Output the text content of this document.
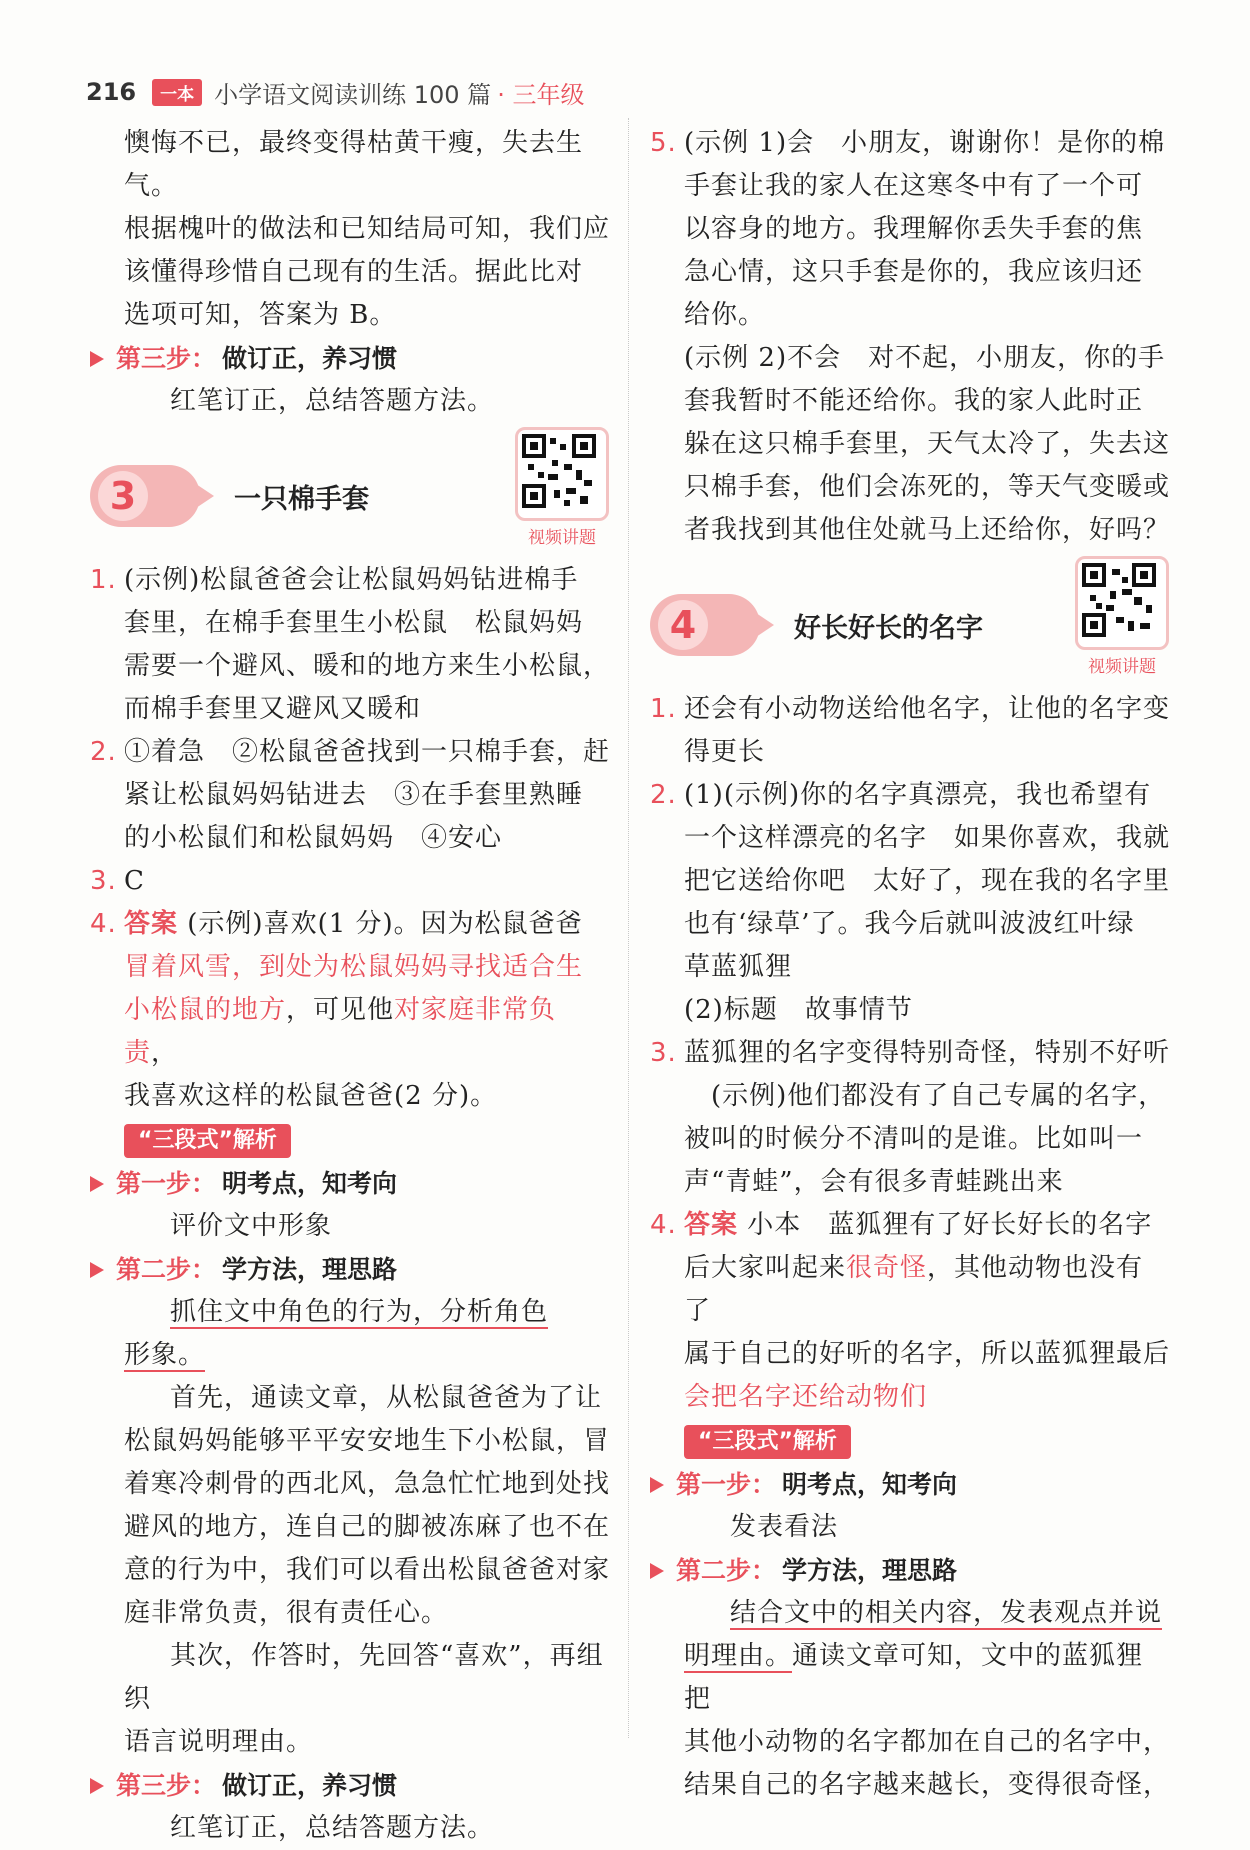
216	一本 小学语文阅读训练 100 篇 · 三年级

懊悔不已，最终变得枯黄干瘦，失去生气。

根据槐叶的做法和已知结局可知，我们应

该懂得珍惜自己现有的生活。据此比对

选项可知，答案为 B。

第三步： 做订正，养习惯

红笔订正，总结答题方法。

3	一只棉手套
视频讲题
1. (示例)松鼠爸爸会让松鼠妈妈钻进棉手

套里，在棉手套里生小松鼠　松鼠妈妈

需要一个避风、暖和的地方来生小松鼠，

而棉手套里又避风又暖和

2. ①着急　②松鼠爸爸找到一只棉手套，赶

紧让松鼠妈妈钻进去　③在手套里熟睡

的小松鼠们和松鼠妈妈　④安心

3. C

4. 答案 (示例)喜欢(1 分)。因为松鼠爸爸

冒着风雪，到处为松鼠妈妈寻找适合生

小松鼠的地方，可见他对家庭非常负责，

我喜欢这样的松鼠爸爸(2 分)。

“三段式”解析
第一步： 明考点，知考向

评价文中形象

第二步： 学方法，理思路

抓住文中角色的行为，分析角色

形象。

首先，通读文章，从松鼠爸爸为了让

松鼠妈妈能够平平安安地生下小松鼠，冒

着寒冷刺骨的西北风，急急忙忙地到处找

避风的地方，连自己的脚被冻麻了也不在

意的行为中，我们可以看出松鼠爸爸对家

庭非常负责，很有责任心。

其次，作答时，先回答“喜欢”，再组织

语言说明理由。

第三步： 做订正，养习惯

红笔订正，总结答题方法。

5. (示例 1)会　小朋友，谢谢你！是你的棉

手套让我的家人在这寒冬中有了一个可

以容身的地方。我理解你丢失手套的焦

急心情，这只手套是你的，我应该归还

给你。

(示例 2)不会　对不起，小朋友，你的手

套我暂时不能还给你。我的家人此时正

躲在这只棉手套里，天气太冷了，失去这

只棉手套，他们会冻死的，等天气变暖或

者我找到其他住处就马上还给你，好吗？

4	好长好长的名字
视频讲题
1. 还会有小动物送给他名字，让他的名字变

得更长

2. (1)(示例)你的名字真漂亮，我也希望有

一个这样漂亮的名字　如果你喜欢，我就

把它送给你吧　太好了，现在我的名字里

也有‘绿草’了。我今后就叫波波红叶绿

草蓝狐狸

(2)标题　故事情节

3. 蓝狐狸的名字变得特别奇怪，特别不好听

　(示例)他们都没有了自己专属的名字，

被叫的时候分不清叫的是谁。比如叫一

声“青蛙”，会有很多青蛙跳出来

4. 答案 小本　蓝狐狸有了好长好长的名字

后大家叫起来很奇怪，其他动物也没有了

属于自己的好听的名字，所以蓝狐狸最后

会把名字还给动物们

“三段式”解析
第一步： 明考点，知考向

发表看法

第二步： 学方法，理思路

结合文中的相关内容，发表观点并说

明理由。通读文章可知，文中的蓝狐狸把

其他小动物的名字都加在自己的名字中，

结果自己的名字越来越长，变得很奇怪，
